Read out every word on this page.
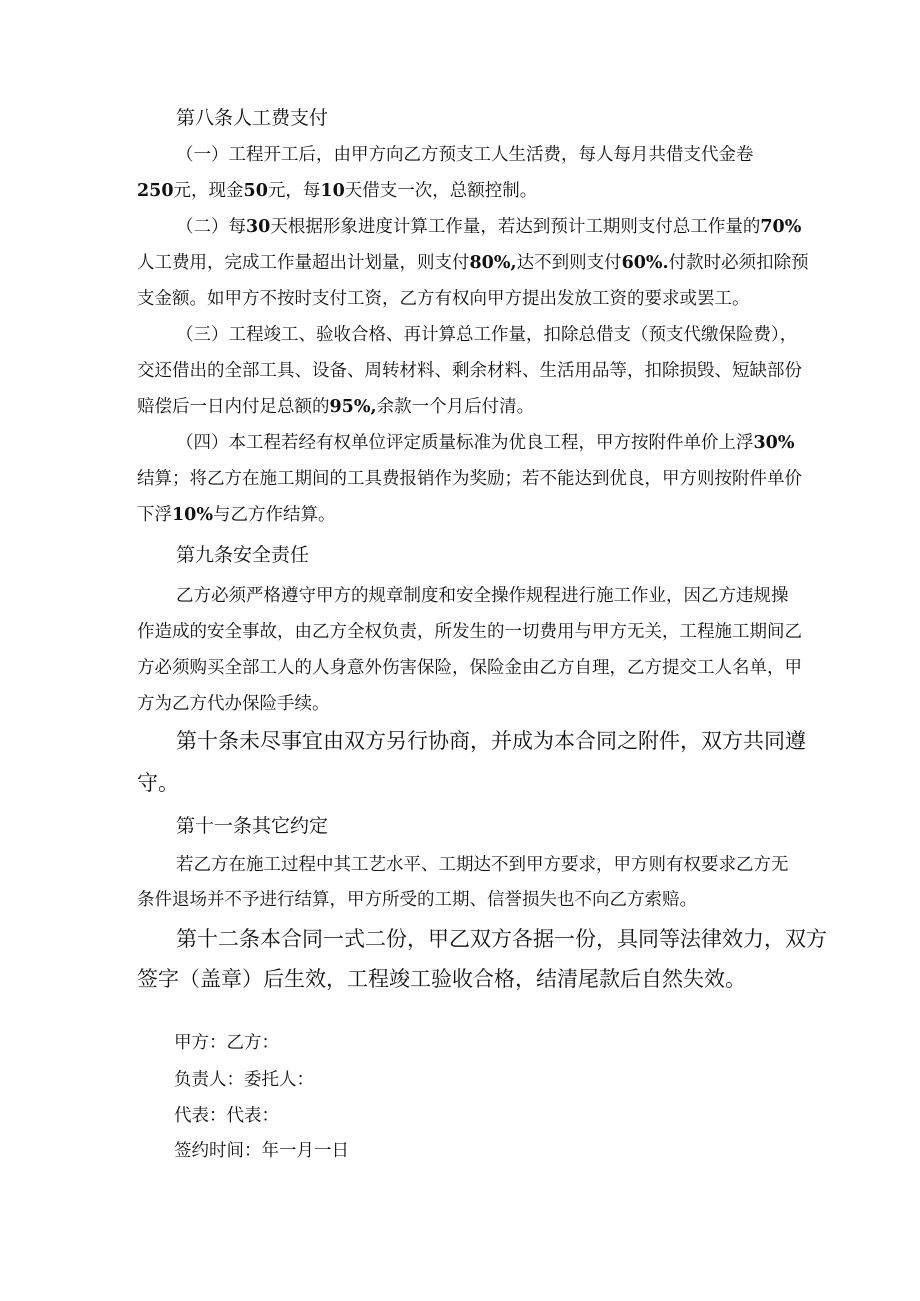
第八条人工费支付
（一）工程开工后，由甲方向乙方预支工人生活费，每人每月共借支代金卷
250元，现金50元，每10天借支一次，总额控制。
（二）每30天根据形象进度计算工作量，若达到预计工期则支付总工作量的70%
人工费用，完成工作量超出计划量，则支付80%,达不到则支付60%.付款时必须扣除预
支金额。如甲方不按时支付工资，乙方有权向甲方提出发放工资的要求或罢工。
（三）工程竣工、验收合格、再计算总工作量，扣除总借支（预支代缴保险费），
交还借出的全部工具、设备、周转材料、剩余材料、生活用品等，扣除损毁、短缺部份
赔偿后一日内付足总额的95%,余款一个月后付清。
（四）本工程若经有权单位评定质量标准为优良工程，甲方按附件单价上浮30%
结算；将乙方在施工期间的工具费报销作为奖励；若不能达到优良，甲方则按附件单价
下浮10%与乙方作结算。
第九条安全责任
乙方必须严格遵守甲方的规章制度和安全操作规程进行施工作业，因乙方违规操
作造成的安全事故，由乙方全权负责，所发生的一切费用与甲方无关，工程施工期间乙
方必须购买全部工人的人身意外伤害保险，保险金由乙方自理，乙方提交工人名单，甲
方为乙方代办保险手续。
第十条未尽事宜由双方另行协商，并成为本合同之附件，双方共同遵
守。
第十一条其它约定
若乙方在施工过程中其工艺水平、工期达不到甲方要求，甲方则有权要求乙方无
条件退场并不予进行结算，甲方所受的工期、信誉损失也不向乙方索赔。
第十二条本合同一式二份，甲乙双方各据一份，具同等法律效力，双方
签字（盖章）后生效，工程竣工验收合格，结清尾款后自然失效。
甲方：乙方：
负责人：委托人：
代表：代表：
签约时间：年一月一日
